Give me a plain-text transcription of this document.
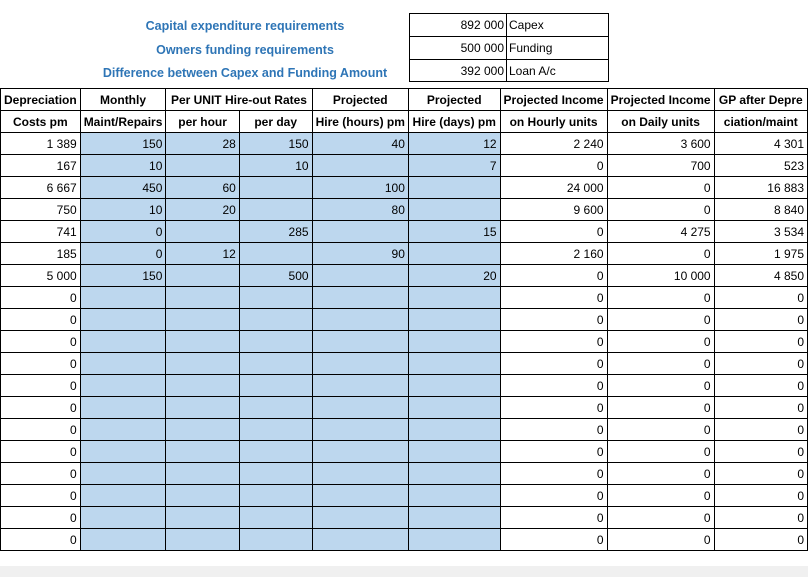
Capital expenditure requirements
Owners funding requirements
Difference between Capex and Funding Amount
892 000 Capex
500 000 Funding
392 000 Loan A/c
Depreciation	Monthly	Per UNIT Hire-out Rates		Projected	Projected	Projected Income	Projected Income	GP after Depre
Costs pm	Maint/Repairs	per hour	per day	Hire (hours) pm	Hire (days) pm	on Hourly units	on Daily units	ciation/maint
1 389	150	28	150	40	12	2 240	3 600	4 301
167	10		10		7	0	700	523
6 667	450	60		100		24 000	0	16 883
750	10	20		80		9 600	0	8 840
741	0		285		15	0	4 275	3 534
185	0	12		90		2 160	0	1 975
5 000	150		500		20	0	10 000	4 850
0						0	0	0
0						0	0	0
0						0	0	0
0						0	0	0
0						0	0	0
0						0	0	0
0						0	0	0
0						0	0	0
0						0	0	0
0						0	0	0
0						0	0	0
0						0	0	0
